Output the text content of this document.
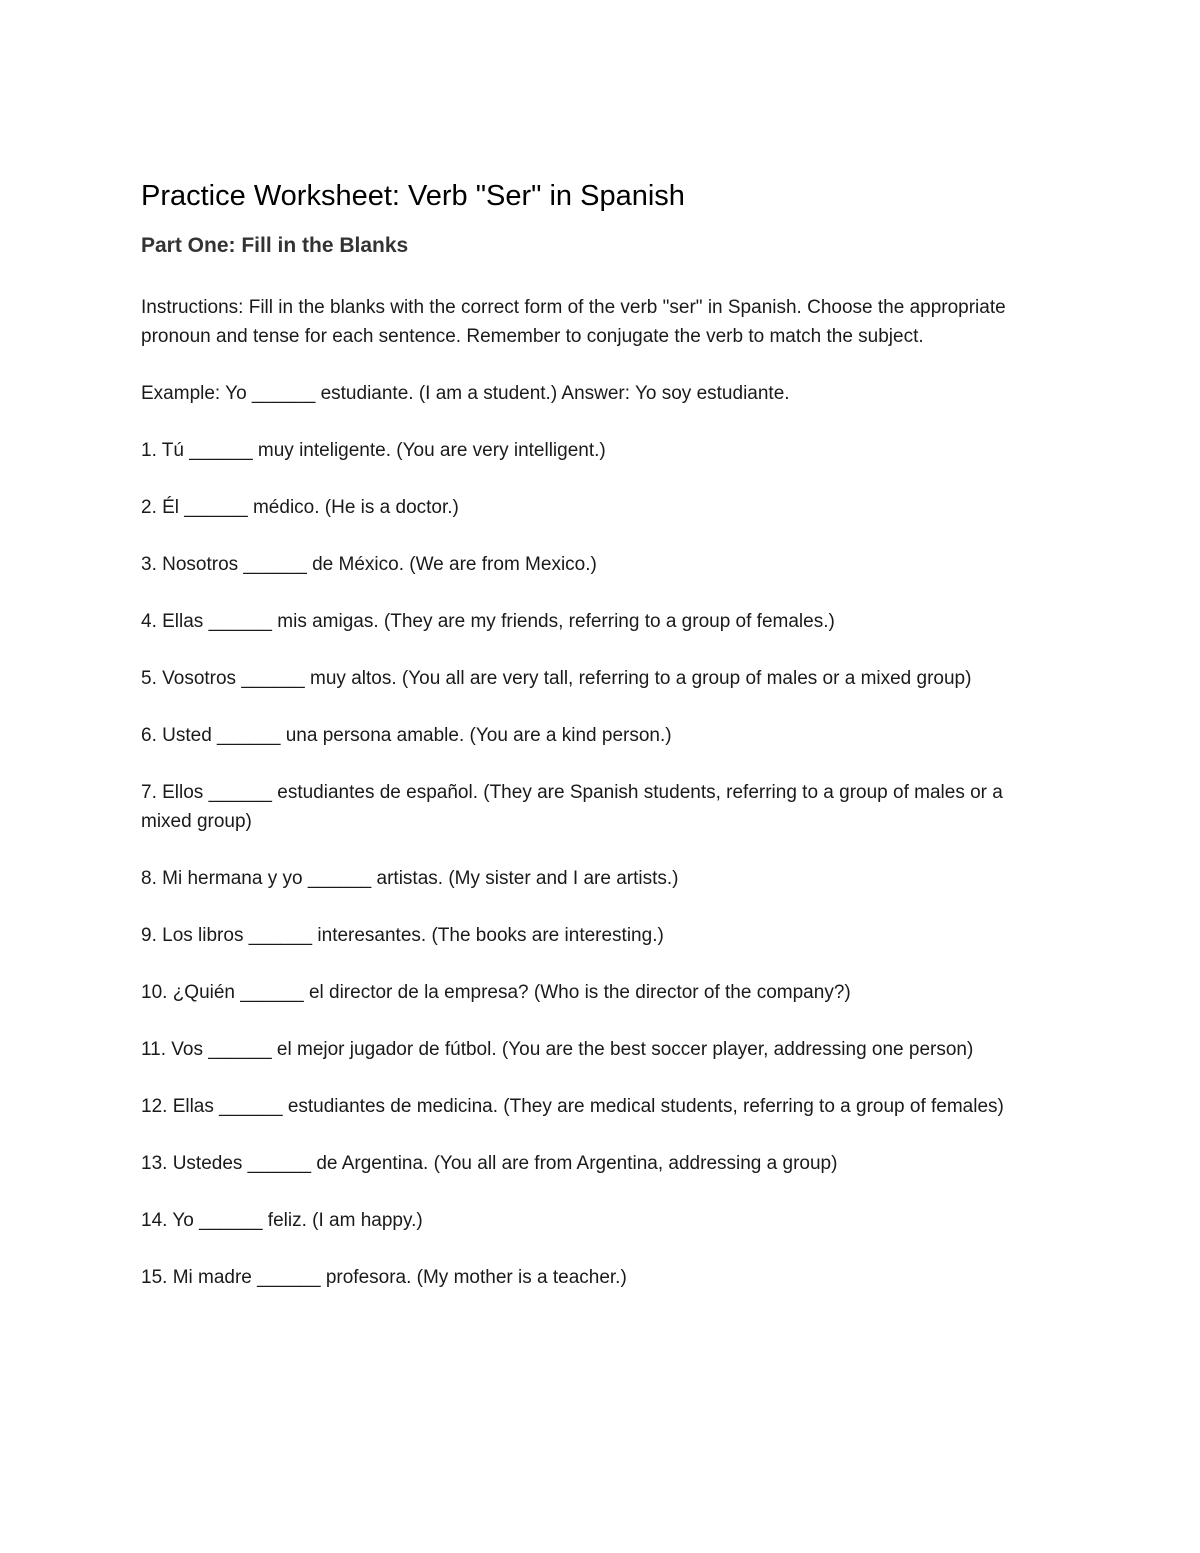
Practice Worksheet: Verb "Ser" in Spanish
Part One: Fill in the Blanks

Instructions: Fill in the blanks with the correct form of the verb "ser" in Spanish. Choose the appropriate pronoun and tense for each sentence. Remember to conjugate the verb to match the subject.

Example: Yo ______ estudiante. (I am a student.) Answer: Yo soy estudiante.

1. Tú ______ muy inteligente. (You are very intelligent.)
2. Él ______ médico. (He is a doctor.)
3. Nosotros ______ de México. (We are from Mexico.)
4. Ellas ______ mis amigas. (They are my friends, referring to a group of females.)
5. Vosotros ______ muy altos. (You all are very tall, referring to a group of males or a mixed group)
6. Usted ______ una persona amable. (You are a kind person.)
7. Ellos ______ estudiantes de español. (They are Spanish students, referring to a group of males or a mixed group)
8. Mi hermana y yo ______ artistas. (My sister and I are artists.)
9. Los libros ______ interesantes. (The books are interesting.)
10. ¿Quién ______ el director de la empresa? (Who is the director of the company?)
11. Vos ______ el mejor jugador de fútbol. (You are the best soccer player, addressing one person)
12. Ellas ______ estudiantes de medicina. (They are medical students, referring to a group of females)
13. Ustedes ______ de Argentina. (You all are from Argentina, addressing a group)
14. Yo ______ feliz. (I am happy.)
15. Mi madre ______ profesora. (My mother is a teacher.)
